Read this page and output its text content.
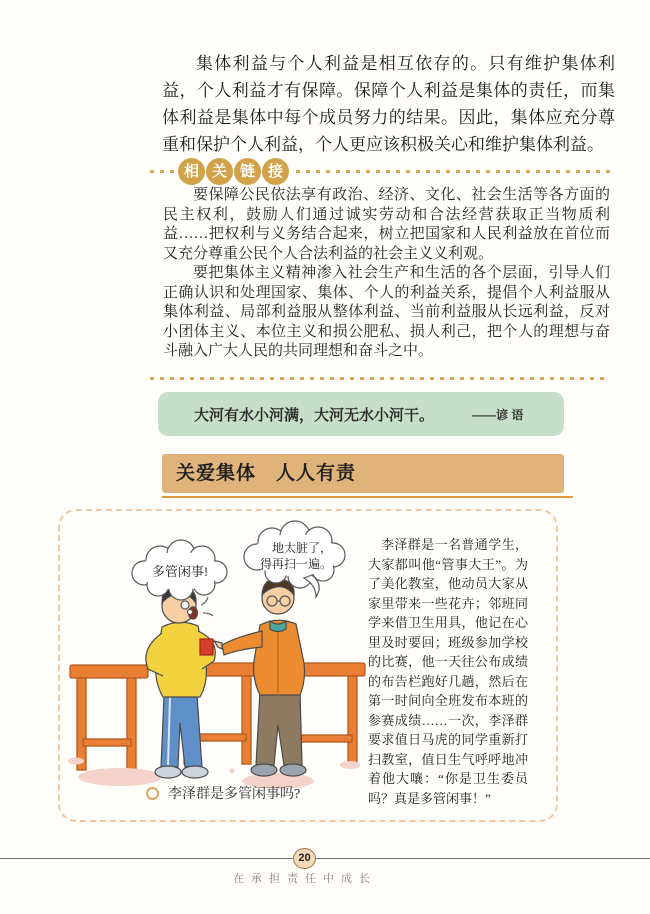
集体利益与个人利益是相互依存的。只有维护集体利益，个人利益才有保障。保障个人利益是集体的责任，而集体利益是集体中每个成员努力的结果。因此，集体应充分尊重和保护个人利益，个人更应该积极关心和维护集体利益。

相 关 链 接

要保障公民依法享有政治、经济、文化、社会生活等各方面的民主权利，鼓励人们通过诚实劳动和合法经营获取正当物质利益……把权利与义务结合起来，树立把国家和人民利益放在首位而又充分尊重公民个人合法利益的社会主义义利观。

要把集体主义精神渗入社会生产和生活的各个层面，引导人们正确认识和处理国家、集体、个人的利益关系，提倡个人利益服从集体利益、局部利益服从整体利益、当前利益服从长远利益，反对小团体主义、本位主义和损公肥私、损人利己，把个人的理想与奋斗融入广大人民的共同理想和奋斗之中。

大河有水小河满，大河无水小河干。	——谚 语
关爱集体　人人有责
多管闲事!
地太脏了，
得再扫一遍。
李泽群是一名普通学生，大家都叫他“管事大王”。为了美化教室，他动员大家从家里带来一些花卉；邻班同学来借卫生用具，他记在心里及时要回；班级参加学校的比赛，他一天往公布成绩的布告栏跑好几趟，然后在第一时间向全班发布本班的参赛成绩……一次，李泽群要求值日马虎的同学重新打扫教室，值日生气呼呼地冲着他大嚷：“你是卫生委员吗？真是多管闲事！”
李泽群是多管闲事吗?
20
在承担责任中成长
